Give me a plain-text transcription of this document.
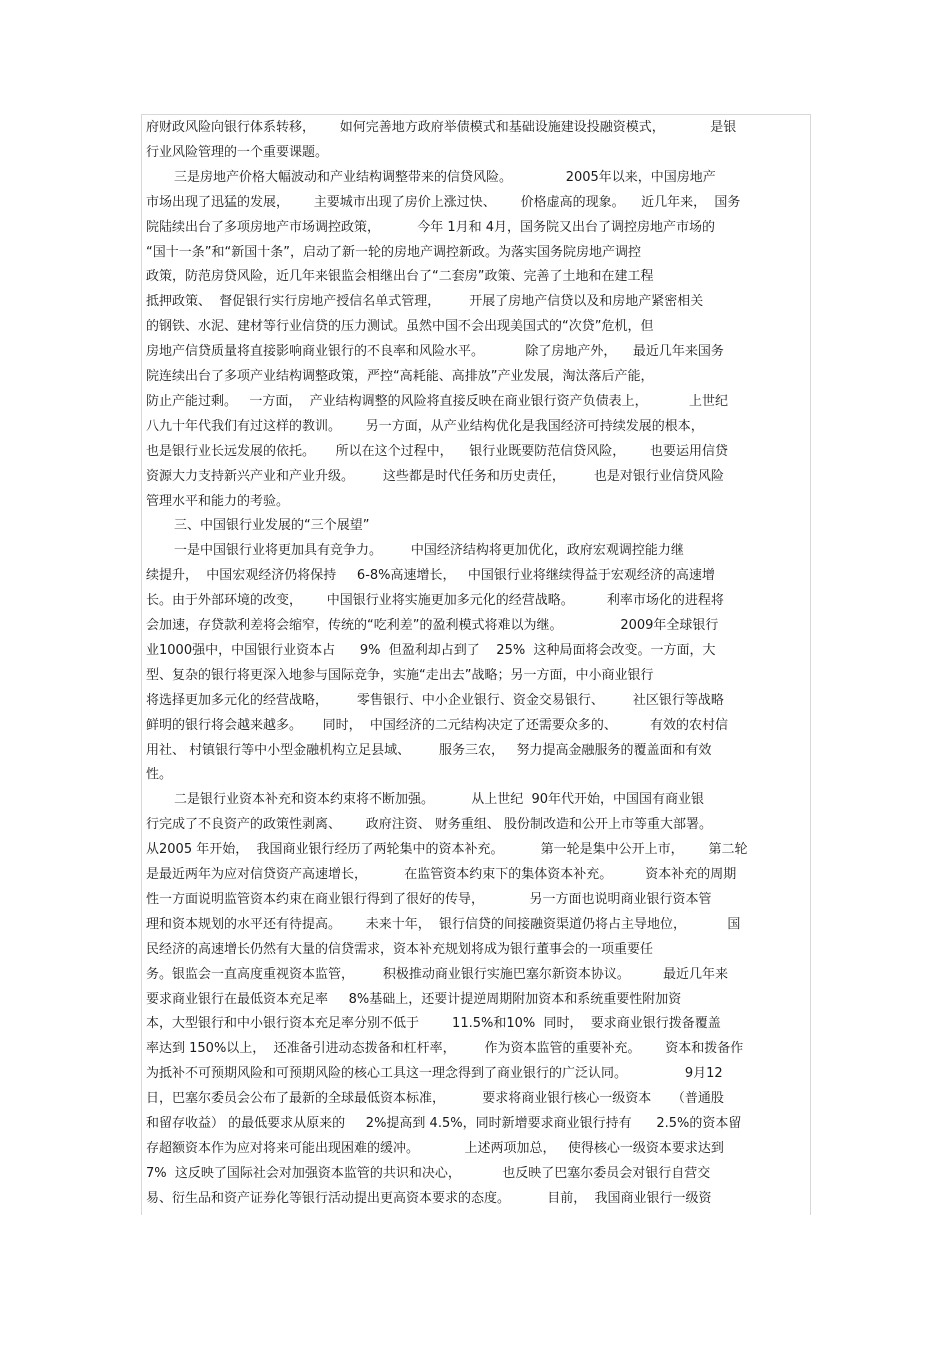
府财政风险向银行体系转移，      如何完善地方政府举债模式和基础设施建设投融资模式，           是银
行业风险管理的一个重要课题。
三是房地产价格大幅波动和产业结构调整带来的信贷风险。             2005年以来，中国房地产
市场出现了迅猛的发展，      主要城市出现了房价上涨过快、      价格虚高的现象。    近几年来，  国务
院陆续出台了多项房地产市场调控政策，         今年 1月和 4月，国务院又出台了调控房地产市场的
“国十一条”和“新国十条”，启动了新一轮的房地产调控新政。为落实国务院房地产调控
政策，防范房贷风险，近几年来银监会相继出台了“二套房”政策、完善了土地和在建工程
抵押政策、  督促银行实行房地产授信名单式管理，       开展了房地产信贷以及和房地产紧密相关
的钢铁、水泥、建材等行业信贷的压力测试。虽然中国不会出现美国式的“次贷”危机，但
房地产信贷质量将直接影响商业银行的不良率和风险水平。          除了房地产外，    最近几年来国务
院连续出台了多项产业结构调整政策，严控“高耗能、高排放”产业发展，淘汰落后产能，
防止产能过剩。   一方面，  产业结构调整的风险将直接反映在商业银行资产负债表上，          上世纪
八九十年代我们有过这样的教训。      另一方面，从产业结构优化是我国经济可持续发展的根本，
也是银行业长远发展的依托。     所以在这个过程中，    银行业既要防范信贷风险，      也要运用信贷
资源大力支持新兴产业和产业升级。       这些都是时代任务和历史责任，       也是对银行业信贷风险
管理水平和能力的考验。
三、中国银行业发展的“三个展望”
一是中国银行业将更加具有竞争力。       中国经济结构将更加优化，政府宏观调控能力继
续提升，  中国宏观经济仍将保持     6-8%高速增长，   中国银行业将继续得益于宏观经济的高速增
长。由于外部环境的改变，      中国银行业将实施更加多元化的经营战略。        利率市场化的进程将
会加速，存贷款利差将会缩窄，传统的“吃利差”的盈利模式将难以为继。              2009年全球银行
业1000强中，中国银行业资本占      9%  但盈利却占到了    25%  这种局面将会改变。一方面，大
型、复杂的银行将更深入地参与国际竞争，实施“走出去”战略；另一方面，中小商业银行
将选择更加多元化的经营战略，       零售银行、中小企业银行、资金交易银行、       社区银行等战略
鲜明的银行将会越来越多。     同时，  中国经济的二元结构决定了还需要众多的、        有效的农村信
用社、 村镇银行等中小型金融机构立足县域、       服务三农，   努力提高金融服务的覆盖面和有效
性。
二是银行业资本补充和资本约束将不断加强。         从上世纪  90年代开始，中国国有商业银
行完成了不良资产的政策性剥离、      政府注资、 财务重组、 股份制改造和公开上市等重大部署。
从2005 年开始，  我国商业银行经历了两轮集中的资本补充。         第一轮是集中公开上市，      第二轮
是最近两年为应对信贷资产高速增长，         在监管资本约束下的集体资本补充。        资本补充的周期
性一方面说明监管资本约束在商业银行得到了很好的传导，           另一方面也说明商业银行资本管
理和资本规划的水平还有待提高。      未来十年，  银行信贷的间接融资渠道仍将占主导地位，          国
民经济的高速增长仍然有大量的信贷需求，资本补充规划将成为银行董事会的一项重要任
务。银监会一直高度重视资本监管，       积极推动商业银行实施巴塞尔新资本协议。        最近几年来
要求商业银行在最低资本充足率     8%基础上，还要计提逆周期附加资本和系统重要性附加资
本，大型银行和中小银行资本充足率分别不低于        11.5%和10%  同时，  要求商业银行拨备覆盖
率达到 150%以上，  还准备引进动态拨备和杠杆率，       作为资本监管的重要补充。      资本和拨备作
为抵补不可预期风险和可预期风险的核心工具这一理念得到了商业银行的广泛认同。              9月12
日，巴塞尔委员会公布了最新的全球最低资本标准，         要求将商业银行核心一级资本     （普通股
和留存收益） 的最低要求从原来的     2%提高到 4.5%，同时新增要求商业银行持有      2.5%的资本留
存超额资本作为应对将来可能出现困难的缓冲。           上述两项加总，   使得核心一级资本要求达到
7%  这反映了国际社会对加强资本监管的共识和决心，          也反映了巴塞尔委员会对银行自营交
易、衍生品和资产证券化等银行活动提出更高资本要求的态度。         目前，  我国商业银行一级资
